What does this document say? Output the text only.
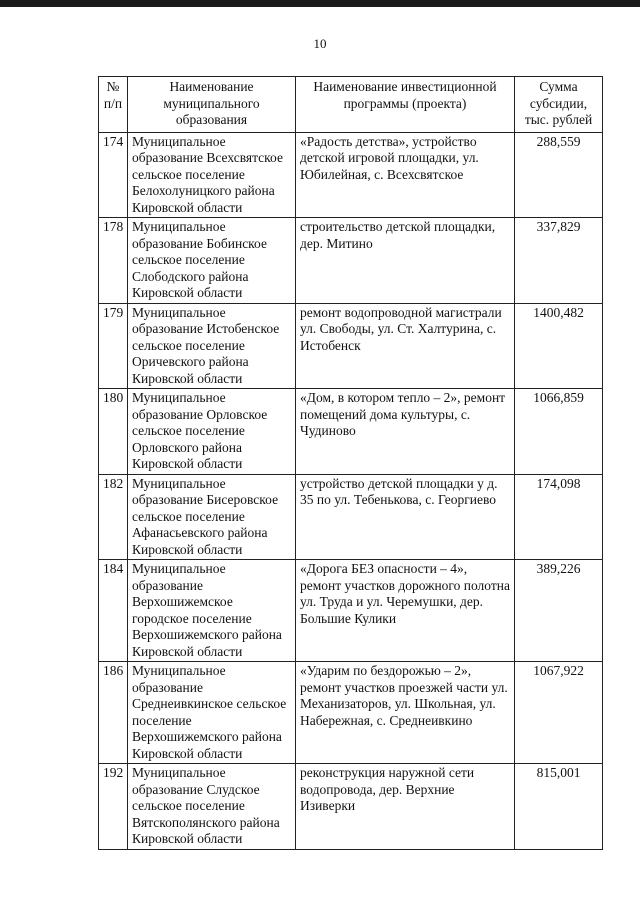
10
№ п/п	Наименование муниципального образования	Наименование инвестиционной программы (проекта)	Сумма субсидии, тыс. рублей
174	Муниципальное образование Всехсвятское сельское поселение Белохолуницкого района Кировской области	«Радость детства», устройство детской игровой площадки, ул. Юбилейная, с. Всехсвятское	288,559
178	Муниципальное образование Бобинское сельское поселение Слободского района Кировской области	строительство детской площадки, дер. Митино	337,829
179	Муниципальное образование Истобенское сельское поселение Оричевского района Кировской области	ремонт водопроводной магистрали ул. Свободы, ул. Ст. Халтурина, с. Истобенск	1400,482
180	Муниципальное образование Орловское сельское поселение Орловского района Кировской области	«Дом, в котором тепло – 2», ремонт помещений дома культуры, с. Чудиново	1066,859
182	Муниципальное образование Бисеровское сельское поселение Афанасьевского района Кировской области	устройство детской площадки у д. 35 по ул. Тебенькова, с. Георгиево	174,098
184	Муниципальное образование Верхошижемское городское поселение Верхошижемского района Кировской области	«Дорога БЕЗ опасности – 4», ремонт участков дорожного полотна ул. Труда и ул. Черемушки, дер. Большие Кулики	389,226
186	Муниципальное образование Среднеивкинское сельское поселение Верхошижемского района Кировской области	«Ударим по бездорожью – 2», ремонт участков проезжей части ул. Механизаторов, ул. Школьная, ул. Набережная, с. Среднеивкино	1067,922
192	Муниципальное образование Слудское сельское поселение Вятскополянского района Кировской области	реконструкция наружной сети водопровода, дер. Верхние Изиверки	815,001
